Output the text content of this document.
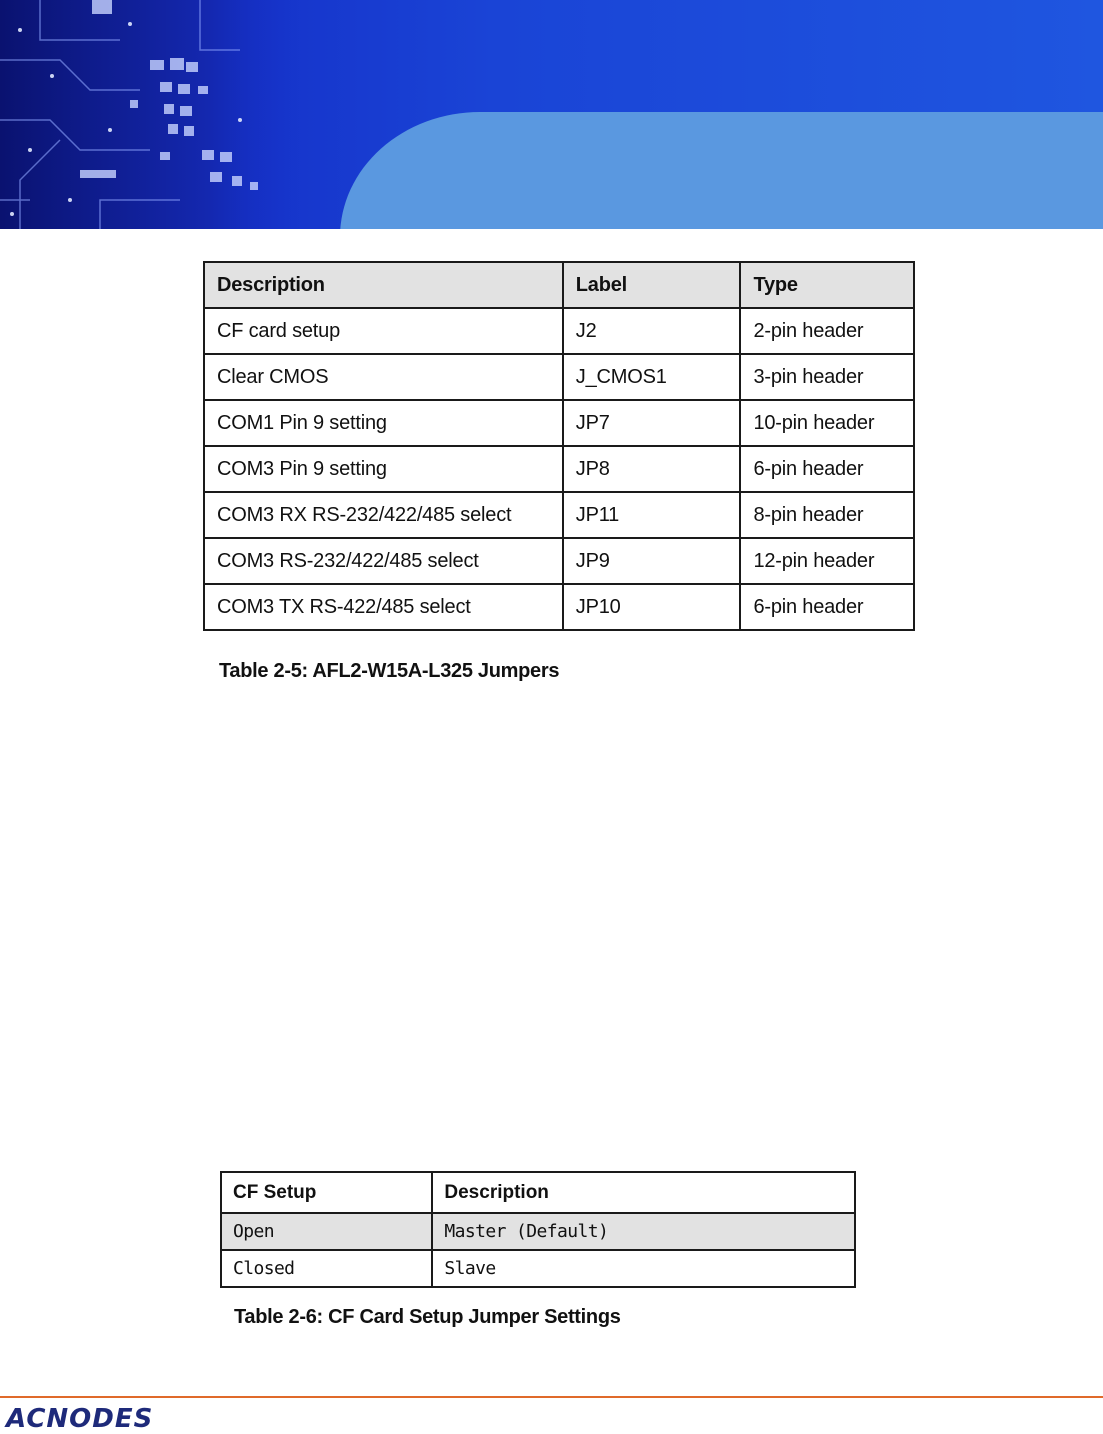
Description	Label	Type
CF card setup	J2	2-pin header
Clear CMOS	J_CMOS1	3-pin header
COM1 Pin 9 setting	JP7	10-pin header
COM3 Pin 9 setting	JP8	6-pin header
COM3 RX RS-232/422/485 select	JP11	8-pin header
COM3 RS-232/422/485 select	JP9	12-pin header
COM3 TX RS-422/485 select	JP10	6-pin header
Table 2-5: AFL2-W15A-L325 Jumpers
CF Setup	Description
Open	Master (Default)
Closed	Slave
Table 2-6: CF Card Setup Jumper Settings
ACNODES
